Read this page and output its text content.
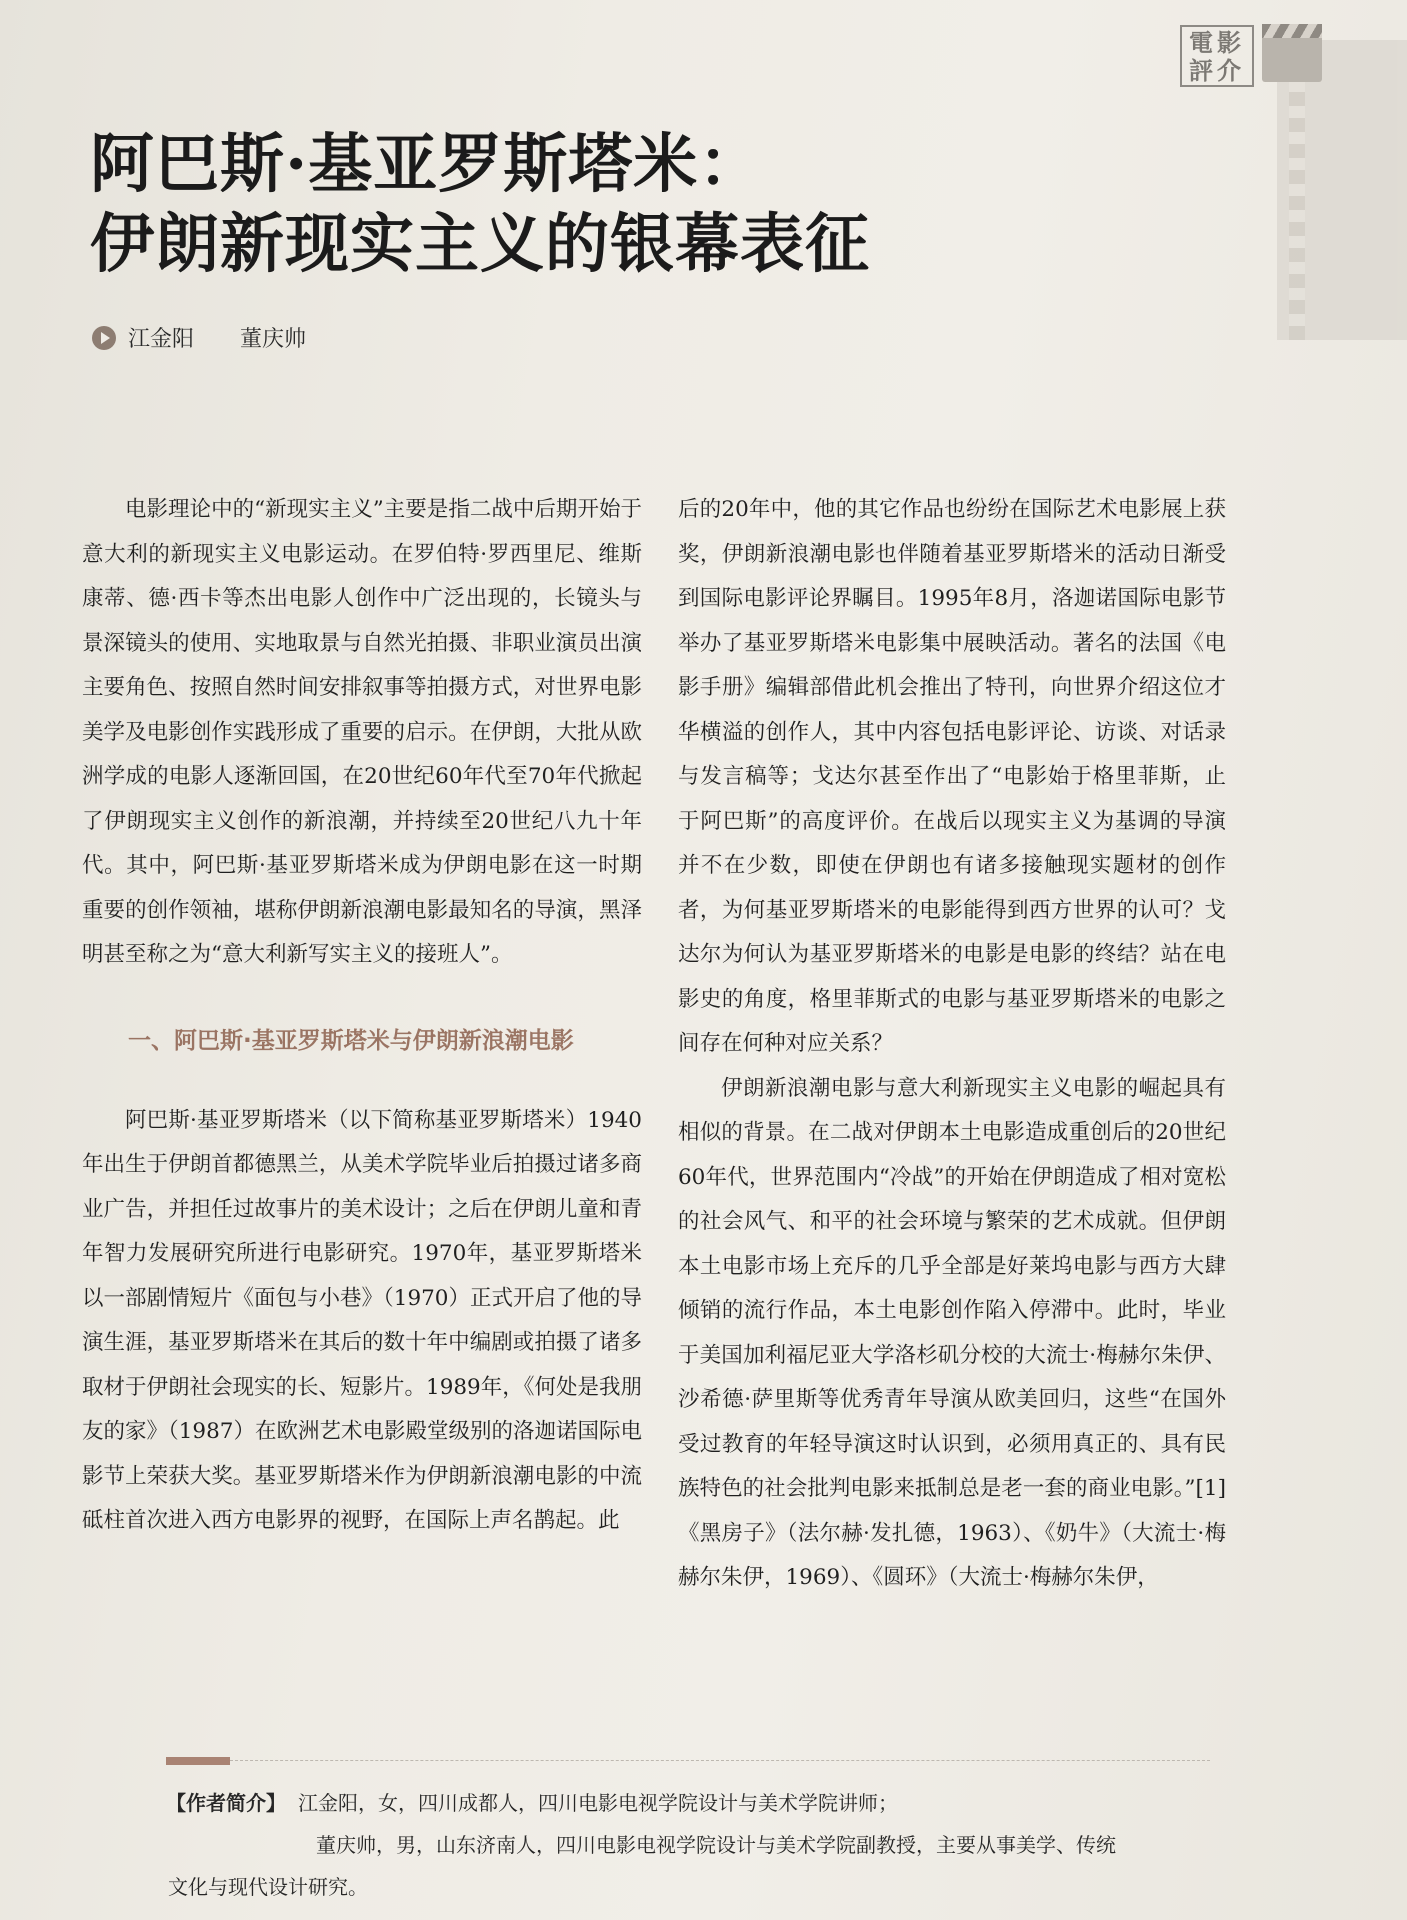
電影評介
阿巴斯·基亚罗斯塔米：
伊朗新现实主义的银幕表征
江金阳 董庆帅

电影理论中的“新现实主义”主要是指二战中后期开始于意大利的新现实主义电影运动。在罗伯特·罗西里尼、维斯康蒂、德·西卡等杰出电影人创作中广泛出现的，长镜头与景深镜头的使用、实地取景与自然光拍摄、非职业演员出演主要角色、按照自然时间安排叙事等拍摄方式，对世界电影美学及电影创作实践形成了重要的启示。在伊朗，大批从欧洲学成的电影人逐渐回国，在20世纪60年代至70年代掀起了伊朗现实主义创作的新浪潮，并持续至20世纪八九十年代。其中，阿巴斯·基亚罗斯塔米成为伊朗电影在这一时期重要的创作领袖，堪称伊朗新浪潮电影最知名的导演，黑泽明甚至称之为“意大利新写实主义的接班人”。

一、阿巴斯·基亚罗斯塔米与伊朗新浪潮电影

阿巴斯·基亚罗斯塔米（以下简称基亚罗斯塔米）1940年出生于伊朗首都德黑兰，从美术学院毕业后拍摄过诸多商业广告，并担任过故事片的美术设计；之后在伊朗儿童和青年智力发展研究所进行电影研究。1970年，基亚罗斯塔米以一部剧情短片《面包与小巷》（1970）正式开启了他的导演生涯，基亚罗斯塔米在其后的数十年中编剧或拍摄了诸多取材于伊朗社会现实的长、短影片。1989年，《何处是我朋友的家》（1987）在欧洲艺术电影殿堂级别的洛迦诺国际电影节上荣获大奖。基亚罗斯塔米作为伊朗新浪潮电影的中流砥柱首次进入西方电影界的视野，在国际上声名鹊起。此

后的20年中，他的其它作品也纷纷在国际艺术电影展上获奖，伊朗新浪潮电影也伴随着基亚罗斯塔米的活动日渐受到国际电影评论界瞩目。1995年8月，洛迦诺国际电影节举办了基亚罗斯塔米电影集中展映活动。著名的法国《电影手册》编辑部借此机会推出了特刊，向世界介绍这位才华横溢的创作人，其中内容包括电影评论、访谈、对话录与发言稿等；戈达尔甚至作出了“电影始于格里菲斯，止于阿巴斯”的高度评价。在战后以现实主义为基调的导演并不在少数，即使在伊朗也有诸多接触现实题材的创作者，为何基亚罗斯塔米的电影能得到西方世界的认可？戈达尔为何认为基亚罗斯塔米的电影是电影的终结？站在电影史的角度，格里菲斯式的电影与基亚罗斯塔米的电影之间存在何种对应关系？

伊朗新浪潮电影与意大利新现实主义电影的崛起具有相似的背景。在二战对伊朗本土电影造成重创后的20世纪60年代，世界范围内“冷战”的开始在伊朗造成了相对宽松的社会风气、和平的社会环境与繁荣的艺术成就。但伊朗本土电影市场上充斥的几乎全部是好莱坞电影与西方大肆倾销的流行作品，本土电影创作陷入停滞中。此时，毕业于美国加利福尼亚大学洛杉矶分校的大流士·梅赫尔朱伊、沙希德·萨里斯等优秀青年导演从欧美回归，这些“在国外受过教育的年轻导演这时认识到，必须用真正的、具有民族特色的社会批判电影来抵制总是老一套的商业电影。”[1]《黑房子》（法尔赫·发扎德，1963）、《奶牛》（大流士·梅赫尔朱伊，1969）、《圆环》（大流士·梅赫尔朱伊，

【作者简介】 江金阳，女，四川成都人，四川电影电视学院设计与美术学院讲师；
董庆帅，男，山东济南人，四川电影电视学院设计与美术学院副教授，主要从事美学、传统
文化与现代设计研究。
